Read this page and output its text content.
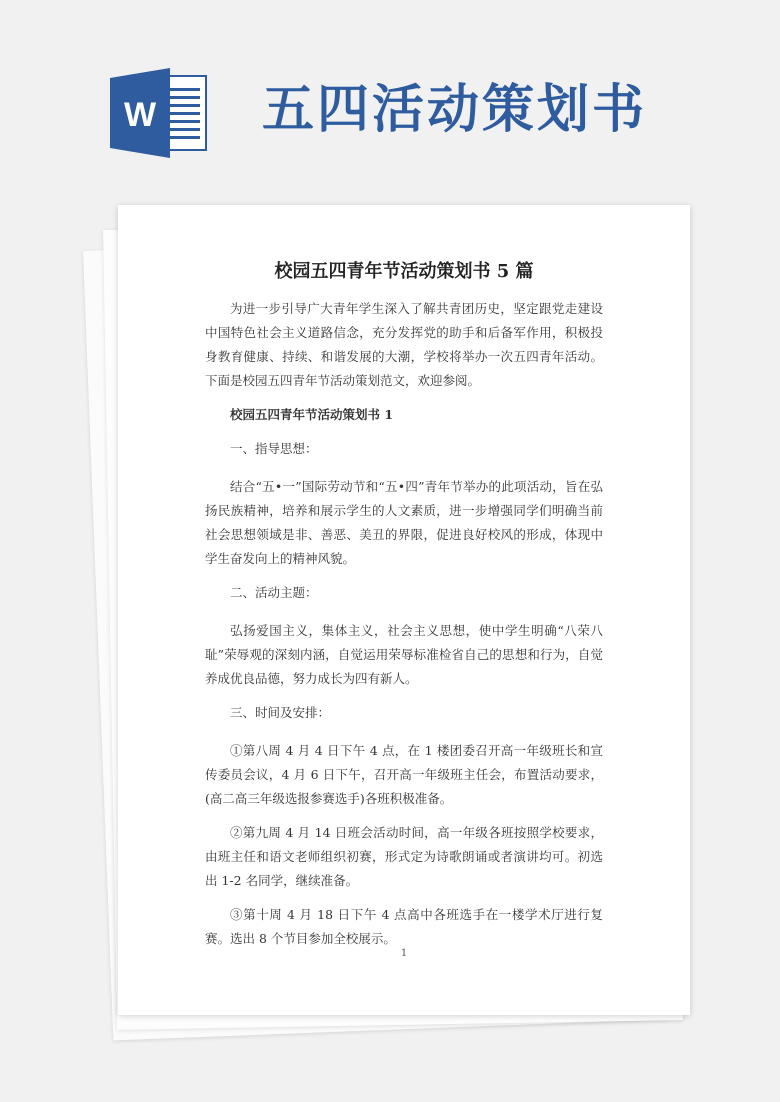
W 五四活动策划书
校园五四青年节活动策划书 5 篇

为进一步引导广大青年学生深入了解共青团历史，坚定跟党走建设中国特色社会主义道路信念，充分发挥党的助手和后备军作用，积极投身教育健康、持续、和谐发展的大潮，学校将举办一次五四青年活动。下面是校园五四青年节活动策划范文，欢迎参阅。

校园五四青年节活动策划书 1

一、指导思想：

结合“五•一”国际劳动节和“五•四”青年节举办的此项活动，旨在弘扬民族精神，培养和展示学生的人文素质，进一步增强同学们明确当前社会思想领域是非、善恶、美丑的界限，促进良好校风的形成，体现中学生奋发向上的精神风貌。

二、活动主题：

弘扬爱国主义，集体主义，社会主义思想，使中学生明确“八荣八耻”荣辱观的深刻内涵，自觉运用荣辱标准检省自己的思想和行为，自觉养成优良品德，努力成长为四有新人。

三、时间及安排：

①第八周 4 月 4 日下午 4 点，在 1 楼团委召开高一年级班长和宣传委员会议，4 月 6 日下午，召开高一年级班主任会，布置活动要求，(高二高三年级选报参赛选手)各班积极准备。

②第九周 4 月 14 日班会活动时间，高一年级各班按照学校要求，由班主任和语文老师组织初赛，形式定为诗歌朗诵或者演讲均可。初选出 1-2 名同学，继续准备。

③第十周 4 月 18 日下午 4 点高中各班选手在一楼学术厅进行复赛。选出 8 个节目参加全校展示。

1
